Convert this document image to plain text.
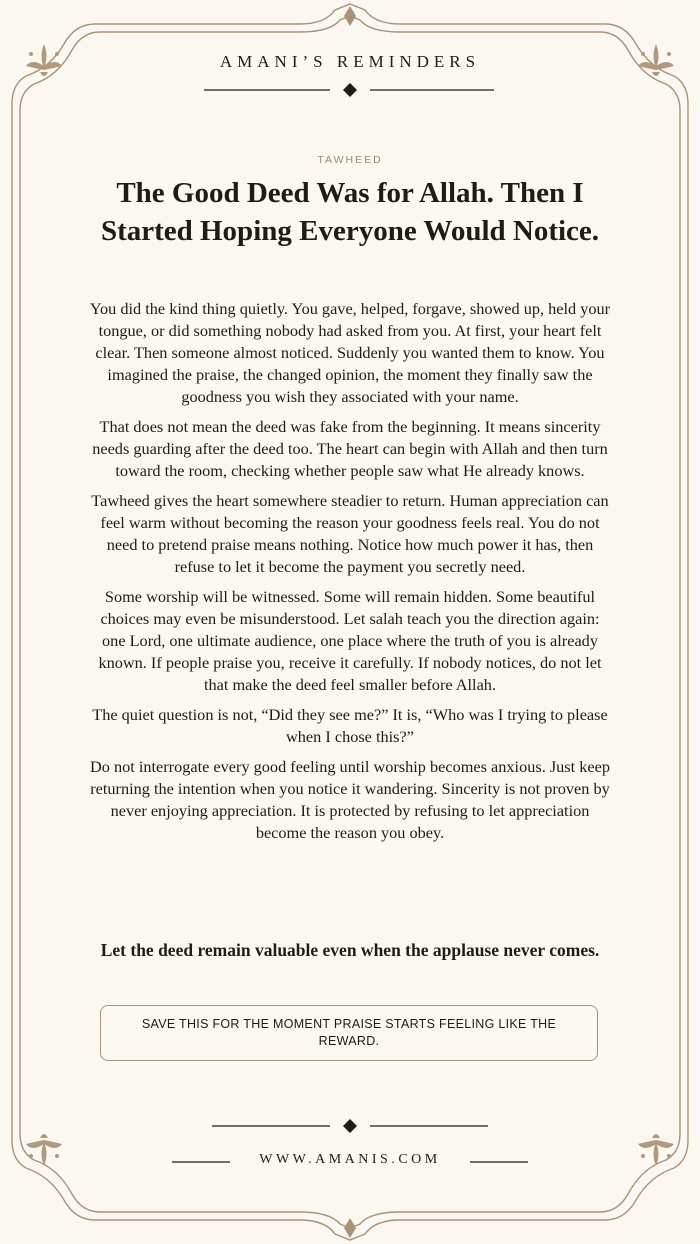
AMANI’S REMINDERS
TAWHEED
The Good Deed Was for Allah. Then I Started Hoping Everyone Would Notice.

You did the kind thing quietly. You gave, helped, forgave, showed up, held your tongue, or did something nobody had asked from you. At first, your heart felt clear. Then someone almost noticed. Suddenly you wanted them to know. You imagined the praise, the changed opinion, the moment they finally saw the goodness you wish they associated with your name.

That does not mean the deed was fake from the beginning. It means sincerity needs guarding after the deed too. The heart can begin with Allah and then turn toward the room, checking whether people saw what He already knows.

Tawheed gives the heart somewhere steadier to return. Human appreciation can feel warm without becoming the reason your goodness feels real. You do not need to pretend praise means nothing. Notice how much power it has, then refuse to let it become the payment you secretly need.

Some worship will be witnessed. Some will remain hidden. Some beautiful choices may even be misunderstood. Let salah teach you the direction again: one Lord, one ultimate audience, one place where the truth of you is already known. If people praise you, receive it carefully. If nobody notices, do not let that make the deed feel smaller before Allah.

The quiet question is not, “Did they see me?” It is, “Who was I trying to please when I chose this?”

Do not interrogate every good feeling until worship becomes anxious. Just keep returning the intention when you notice it wandering. Sincerity is not proven by never enjoying appreciation. It is protected by refusing to let appreciation become the reason you obey.

Let the deed remain valuable even when the applause never comes.

SAVE THIS FOR THE MOMENT PRAISE STARTS FEELING LIKE THE REWARD.
WWW.AMANIS.COM
